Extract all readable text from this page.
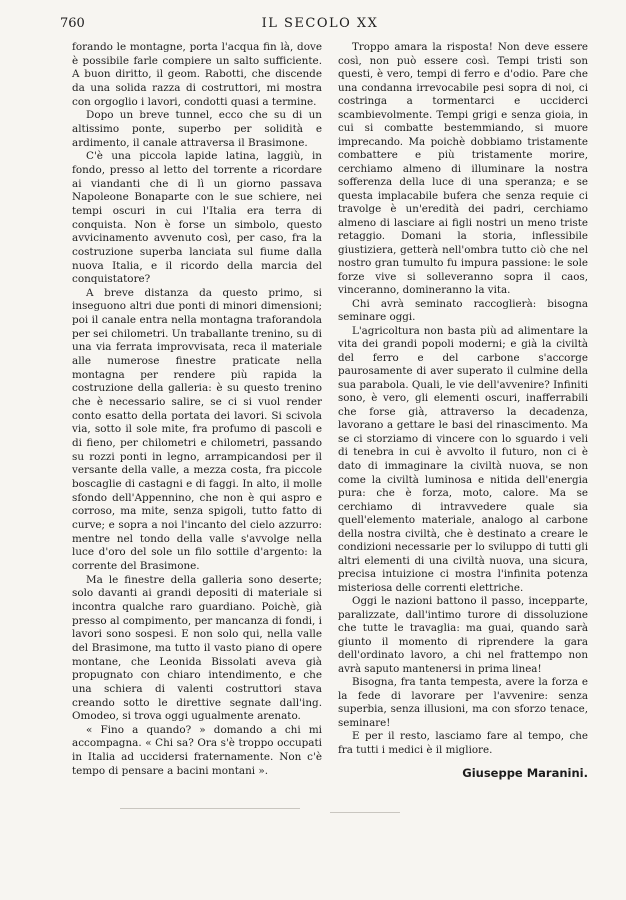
760	IL SECOLO XX

forando le montagne, porta l'acqua fin là, dove è possibile farle compiere un salto sufficiente. A buon diritto, il geom. Rabotti, che discende da una solida razza di costruttori, mi mostra con orgoglio i lavori, condotti quasi a termine.

Dopo un breve tunnel, ecco che su di un altissimo ponte, superbo per solidità e ardimento, il canale attraversa il Brasimone.

C'è una piccola lapide latina, laggiù, in fondo, presso al letto del torrente a ricordare ai viandanti che di lì un giorno passava Napoleone Bonaparte con le sue schiere, nei tempi oscuri in cui l'Italia era terra di conquista. Non è forse un simbolo, questo avvicinamento avvenuto così, per caso, fra la costruzione superba lanciata sul fiume dalla nuova Italia, e il ricordo della marcia del conquistatore?

A breve distanza da questo primo, si inseguono altri due ponti di minori dimensioni; poi il canale entra nella montagna traforandola per sei chilometri. Un traballante trenino, su di una via ferrata improvvisata, reca il materiale alle numerose finestre praticate nella montagna per rendere più rapida la costruzione della galleria: è su questo trenino che è necessario salire, se ci si vuol render conto esatto della portata dei lavori. Si scivola via, sotto il sole mite, fra profumo di pascoli e di fieno, per chilometri e chilometri, passando su rozzi ponti in legno, arrampicandosi per il versante della valle, a mezza costa, fra piccole boscaglie di castagni e di faggi. In alto, il molle sfondo dell'Appennino, che non è qui aspro e corroso, ma mite, senza spigoli, tutto fatto di curve; e sopra a noi l'incanto del cielo azzurro: mentre nel tondo della valle s'avvolge nella luce d'oro del sole un filo sottile d'argento: la corrente del Brasimone.

Ma le finestre della galleria sono deserte; solo davanti ai grandi depositi di materiale si incontra qualche raro guardiano. Poichè, già presso al compimento, per mancanza di fondi, i lavori sono sospesi. E non solo qui, nella valle del Brasimone, ma tutto il vasto piano di opere montane, che Leonida Bissolati aveva già propugnato con chiaro intendimento, e che una schiera di valenti costruttori stava creando sotto le direttive segnate dall'ing. Omodeo, si trova oggi ugualmente arenato.

« Fino a quando? » domando a chi mi accompagna. « Chi sa? Ora s'è troppo occupati in Italia ad uccidersi fraternamente. Non c'è tempo di pensare a bacini montani ».

Troppo amara la risposta! Non deve essere così, non può essere così. Tempi tristi son questi, è vero, tempi di ferro e d'odio. Pare che una condanna irrevocabile pesi sopra di noi, ci costringa a tormentarci e ucciderci scambievolmente. Tempi grigi e senza gioia, in cui si combatte bestemmiando, si muore imprecando. Ma poichè dobbiamo tristamente combattere e più tristamente morire, cerchiamo almeno di illuminare la nostra sofferenza della luce di una speranza; e se questa implacabile bufera che senza requie ci travolge è un'eredità dei padri, cerchiamo almeno di lasciare ai figli nostri un meno triste retaggio. Domani la storia, inflessibile giustiziera, getterà nell'ombra tutto ciò che nel nostro gran tumulto fu impura passione: le sole forze vive si solleveranno sopra il caos, vinceranno, domineranno la vita.

Chi avrà seminato raccoglierà: bisogna seminare oggi.

L'agricoltura non basta più ad alimentare la vita dei grandi popoli moderni; e già la civiltà del ferro e del carbone s'accorge paurosamente di aver superato il culmine della sua parabola. Quali, le vie dell'avvenire? Infiniti sono, è vero, gli elementi oscuri, inafferrabili che forse già, attraverso la decadenza, lavorano a gettare le basi del rinascimento. Ma se ci storziamo di vincere con lo sguardo i veli di tenebra in cui è avvolto il futuro, non ci è dato di immaginare la civiltà nuova, se non come la civiltà luminosa e nitida dell'energia pura: che è forza, moto, calore. Ma se cerchiamo di intravvedere quale sia quell'elemento materiale, analogo al carbone della nostra civiltà, che è destinato a creare le condizioni necessarie per lo sviluppo di tutti gli altri elementi di una civiltà nuova, una sicura, precisa intuizione ci mostra l'infinita potenza misteriosa delle correnti elettriche.

Oggi le nazioni battono il passo, incepparte, paralizzate, dall'intimo turore di dissoluzione che tutte le travaglia: ma guai, quando sarà giunto il momento di riprendere la gara dell'ordinato lavoro, a chi nel frattempo non avrà saputo mantenersi in prima linea!

Bisogna, fra tanta tempesta, avere la forza e la fede di lavorare per l'avvenire: senza superbia, senza illusioni, ma con sforzo tenace, seminare!

E per il resto, lasciamo fare al tempo, che fra tutti i medici è il migliore.

Giuseppe Maranini.
